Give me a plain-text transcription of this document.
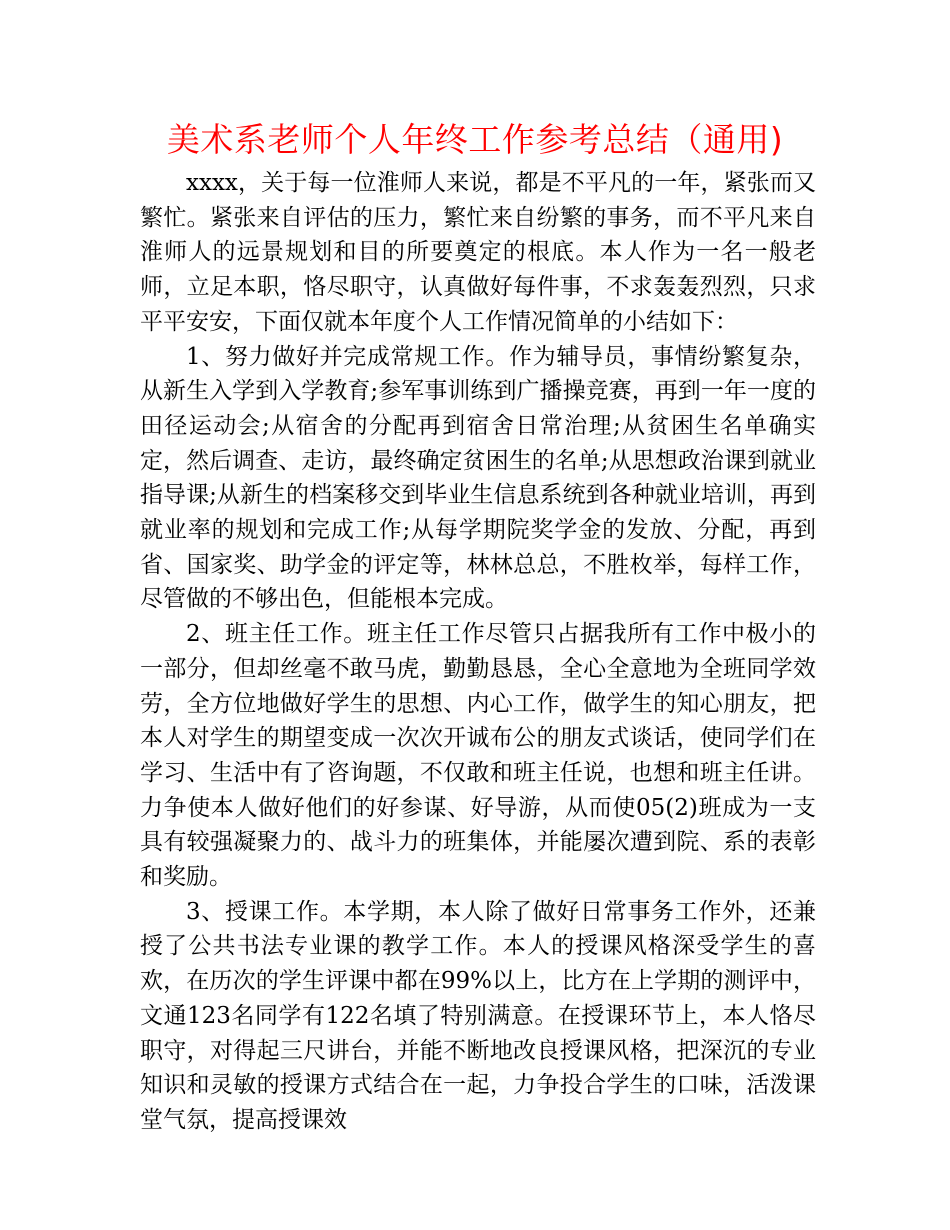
美术系老师个人年终工作参考总结（通用)

xxxx，关于每一位淮师人来说，都是不平凡的一年，紧张而又繁忙。紧张来自评估的压力，繁忙来自纷繁的事务，而不平凡来自淮师人的远景规划和目的所要奠定的根底。本人作为一名一般老师，立足本职，恪尽职守，认真做好每件事，不求轰轰烈烈，只求平平安安，下面仅就本年度个人工作情况简单的小结如下：

1、努力做好并完成常规工作。作为辅导员，事情纷繁复杂，从新生入学到入学教育;参军事训练到广播操竞赛，再到一年一度的田径运动会;从宿舍的分配再到宿舍日常治理;从贫困生名单确实定，然后调查、走访，最终确定贫困生的名单;从思想政治课到就业指导课;从新生的档案移交到毕业生信息系统到各种就业培训，再到就业率的规划和完成工作;从每学期院奖学金的发放、分配，再到省、国家奖、助学金的评定等，林林总总，不胜枚举，每样工作，尽管做的不够出色，但能根本完成。

2、班主任工作。班主任工作尽管只占据我所有工作中极小的一部分，但却丝毫不敢马虎，勤勤恳恳，全心全意地为全班同学效劳，全方位地做好学生的思想、内心工作，做学生的知心朋友，把本人对学生的期望变成一次次开诚布公的朋友式谈话，使同学们在学习、生活中有了咨询题，不仅敢和班主任说，也想和班主任讲。力争使本人做好他们的好参谋、好导游，从而使05(2)班成为一支具有较强凝聚力的、战斗力的班集体，并能屡次遭到院、系的表彰和奖励。

3、授课工作。本学期，本人除了做好日常事务工作外，还兼授了公共书法专业课的教学工作。本人的授课风格深受学生的喜欢，在历次的学生评课中都在99%以上，比方在上学期的测评中，文通123名同学有122名填了特别满意。在授课环节上，本人恪尽职守，对得起三尺讲台，并能不断地改良授课风格，把深沉的专业知识和灵敏的授课方式结合在一起，力争投合学生的口味，活泼课堂气氛，提高授课效
